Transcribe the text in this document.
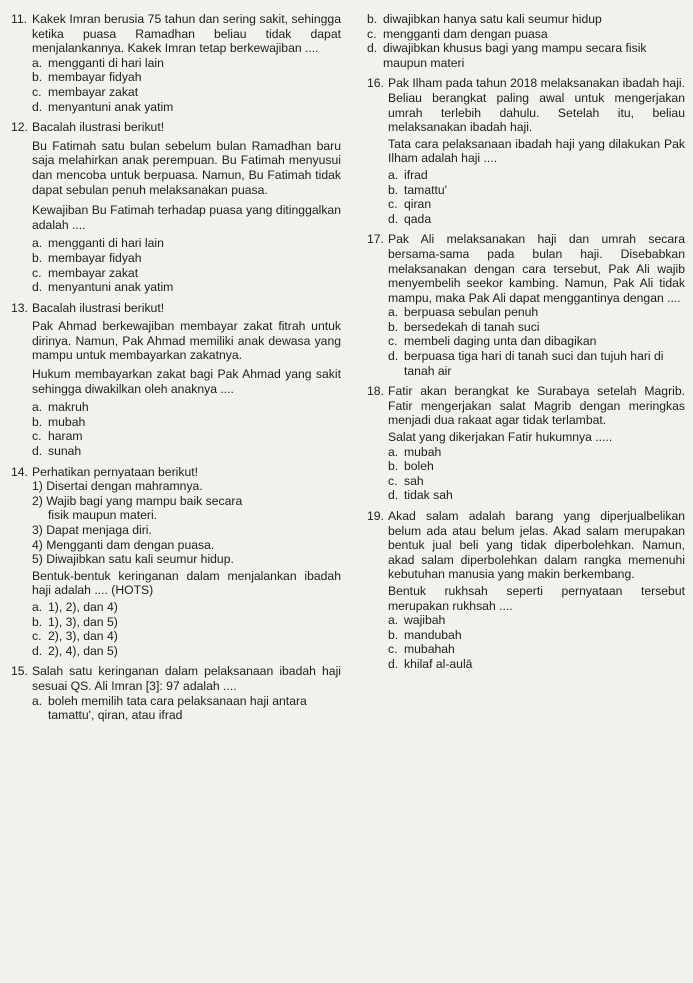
11. Kakek Imran berusia 75 tahun dan sering sakit, sehingga ketika puasa Ramadhan beliau tidak dapat menjalankannya. Kakek Imran tetap berkewajiban ....
a. mengganti di hari lain
b. membayar fidyah
c. membayar zakat
d. menyantuni anak yatim
12. Bacalah ilustrasi berikut!
Bu Fatimah satu bulan sebelum bulan Ramadhan baru saja melahirkan anak perempuan. Bu Fatimah menyusui dan mencoba untuk berpuasa. Namun, Bu Fatimah tidak dapat sebulan penuh melaksanakan puasa.
Kewajiban Bu Fatimah terhadap puasa yang ditinggalkan adalah ....
a. mengganti di hari lain
b. membayar fidyah
c. membayar zakat
d. menyantuni anak yatim
13. Bacalah ilustrasi berikut!
Pak Ahmad berkewajiban membayar zakat fitrah untuk dirinya. Namun, Pak Ahmad memiliki anak dewasa yang mampu untuk membayarkan zakatnya.
Hukum membayarkan zakat bagi Pak Ahmad yang sakit sehingga diwakilkan oleh anaknya ....
a. makruh
b. mubah
c. haram
d. sunah
14. Perhatikan pernyataan berikut!
1) Disertai dengan mahramnya.
2) Wajib bagi yang mampu baik secara
fisik maupun materi.
3) Dapat menjaga diri.
4) Mengganti dam dengan puasa.
5) Diwajibkan satu kali seumur hidup.
Bentuk-bentuk keringanan dalam menjalankan ibadah haji adalah .... (HOTS)
a. 1), 2), dan 4)
b. 1), 3), dan 5)
c. 2), 3), dan 4)
d. 2), 4), dan 5)
15. Salah satu keringanan dalam pelaksanaan ibadah haji sesuai QS. Ali Imran [3]: 97 adalah ....
a. boleh memilih tata cara pelaksanaan haji antara tamattu', qiran, atau ifrad
b. diwajibkan hanya satu kali seumur hidup
c. mengganti dam dengan puasa
d. diwajibkan khusus bagi yang mampu secara fisik maupun materi
16. Pak Ilham pada tahun 2018 melaksanakan ibadah haji. Beliau berangkat paling awal untuk mengerjakan umrah terlebih dahulu. Setelah itu, beliau melaksanakan ibadah haji.
Tata cara pelaksanaan ibadah haji yang dilakukan Pak Ilham adalah haji ....
a. ifrad
b. tamattu'
c. qiran
d. qada
17. Pak Ali melaksanakan haji dan umrah secara bersama-sama pada bulan haji. Disebabkan melaksanakan dengan cara tersebut, Pak Ali wajib menyembelih seekor kambing. Namun, Pak Ali tidak mampu, maka Pak Ali dapat menggantinya dengan ....
a. berpuasa sebulan penuh
b. bersedekah di tanah suci
c. membeli daging unta dan dibagikan
d. berpuasa tiga hari di tanah suci dan tujuh hari di tanah air
18. Fatir akan berangkat ke Surabaya setelah Magrib. Fatir mengerjakan salat Magrib dengan meringkas menjadi dua rakaat agar tidak terlambat.
Salat yang dikerjakan Fatir hukumnya .....
a. mubah
b. boleh
c. sah
d. tidak sah
19. Akad salam adalah barang yang diperjualbelikan belum ada atau belum jelas. Akad salam merupakan bentuk jual beli yang tidak diperbolehkan. Namun, akad salam diperbolehkan dalam rangka memenuhi kebutuhan manusia yang makin berkembang.
Bentuk rukhsah seperti pernyataan tersebut merupakan rukhsah ....
a. wajibah
b. mandubah
c. mubahah
d. khilaf al-aulā
